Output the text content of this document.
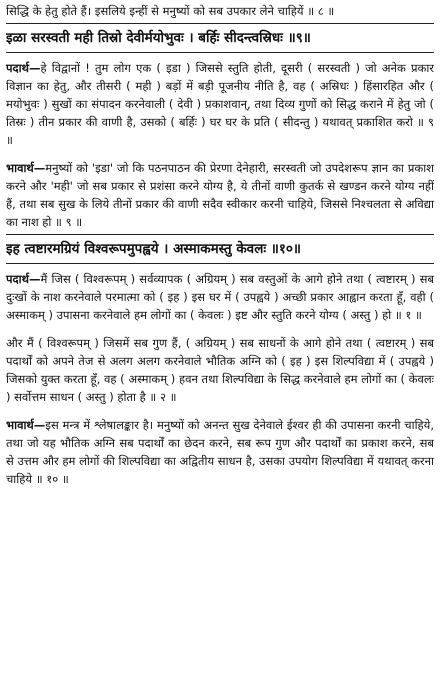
सिद्धि के हेतु होते हैं। इसलिये इन्हीं से मनुष्यों को सब उपकार लेने चाहियें ॥ ८ ॥

इळा सरस्वती मही तिस्रो देवीर्मयोभुवः । बर्हिः सीदन्त्वस्रिधः ॥९॥

पदार्थ—हे विद्वानों ! तुम लोग एक ( इडा ) जिससे स्तुति होती, दूसरी ( सरस्वती ) जो अनेक प्रकार विज्ञान का हेतु, और तीसरी ( मही ) बड़ों में बड़ी पूजनीय नीति है, वह ( अस्रिधः ) हिंसारहित और ( मयोभुवः ) सुखों का संपादन करनेवाली ( देवी ) प्रकाशवान्, तथा दिव्य गुणों को सिद्ध कराने में हेतु जो ( तिस्रः ) तीन प्रकार की वाणी है, उसको ( बर्हिः ) घर घर के प्रति ( सीदन्तु ) यथावत् प्रकाशित करो ॥ ९ ॥

भावार्थ—मनुष्यों को 'इडा' जो कि पठनपाठन की प्रेरणा देनेहारी, सरस्वती जो उपदेशरूप ज्ञान का प्रकाश करने और 'मही' जो सब प्रकार से प्रशंसा करने योग्य है, ये तीनों वाणी कुतर्क से खण्डन करने योग्य नहीं हैं, तथा सब सुख के लिये तीनों प्रकार की वाणी सदैव स्वीकार करनी चाहिये, जिससे निश्चलता से अविद्या का नाश हो ॥ ९ ॥

इह त्वष्टारमग्रियं विश्वरूपमुपह्वये । अस्माकमस्तु केवलः ॥१०॥

पदार्थ—मैं जिस ( विश्वरूपम् ) सर्वव्यापक ( अग्रियम् ) सब वस्तुओं के आगे होने तथा ( त्वष्टारम् ) सब दुःखों के नाश करनेवाले परमात्मा को ( इह ) इस घर में ( उपह्वये ) अच्छी प्रकार आह्वान करता हूँ, वही ( अस्माकम् ) उपासना करनेवाले हम लोगों का ( केवलः ) इष्ट और स्तुति करने योग्य ( अस्तु ) हो ॥ १ ॥

और मैं ( विश्वरूपम् ) जिसमें सब गुण हैं, ( अग्रियम् ) सब साधनों के आगे होने तथा ( त्वष्टारम् ) सब पदार्थों को अपने तेज से अलग अलग करनेवाले भौतिक अग्नि को ( इह ) इस शिल्पविद्या में ( उपह्वये ) जिसको युक्त करता हूँ, वह ( अस्माकम् ) हवन तथा शिल्पविद्या के सिद्ध करनेवाले हम लोगों का ( केवलः ) सर्वोत्तम साधन ( अस्तु ) होता है ॥ २ ॥

भावार्थ—इस मन्त्र में श्लेषालङ्कार है। मनुष्यों को अनन्त सुख देनेवाले ईश्वर ही की उपासना करनी चाहिये, तथा जो यह भौतिक अग्नि सब पदार्थों का छेदन करने, सब रूप गुण और पदार्थों का प्रकाश करने, सब से उत्तम और हम लोगों की शिल्पविद्या का अद्वितीय साधन है, उसका उपयोग शिल्पविद्या में यथावत् करना चाहिये ॥ १० ॥
